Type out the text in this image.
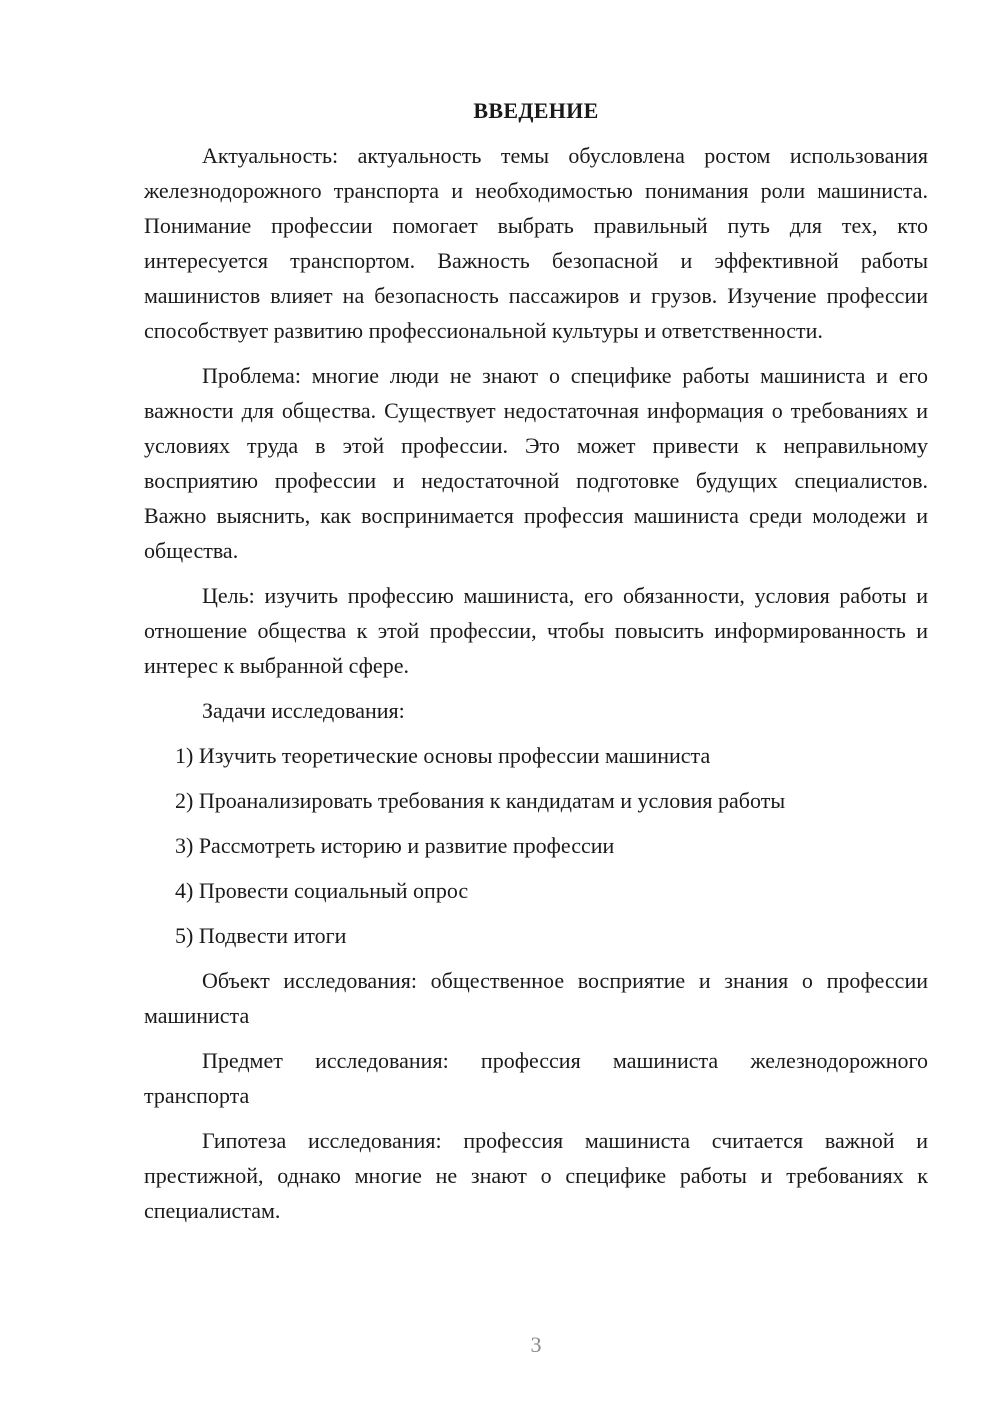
ВВЕДЕНИЕ

Актуальность: актуальность темы обусловлена ростом использования железнодорожного транспорта и необходимостью понимания роли машиниста. Понимание профессии помогает выбрать правильный путь для тех, кто интересуется транспортом. Важность безопасной и эффективной работы машинистов влияет на безопасность пассажиров и грузов. Изучение профессии способствует развитию профессиональной культуры и ответственности.

Проблема: многие люди не знают о специфике работы машиниста и его важности для общества. Существует недостаточная информация о требованиях и условиях труда в этой профессии. Это может привести к неправильному восприятию профессии и недостаточной подготовке будущих специалистов. Важно выяснить, как воспринимается профессия машиниста среди молодежи и общества.

Цель: изучить профессию машиниста, его обязанности, условия работы и отношение общества к этой профессии, чтобы повысить информированность и интерес к выбранной сфере.

Задачи исследования:

1) Изучить теоретические основы профессии машиниста
2) Проанализировать требования к кандидатам и условия работы
3) Рассмотреть историю и развитие профессии
4) Провести социальный опрос
5) Подвести итоги

Объект исследования: общественное восприятие и знания о профессии машиниста

Предмет исследования: профессия машиниста железнодорожного транспорта

Гипотеза исследования: профессия машиниста считается важной и престижной, однако многие не знают о специфике работы и требованиях к специалистам.

3
